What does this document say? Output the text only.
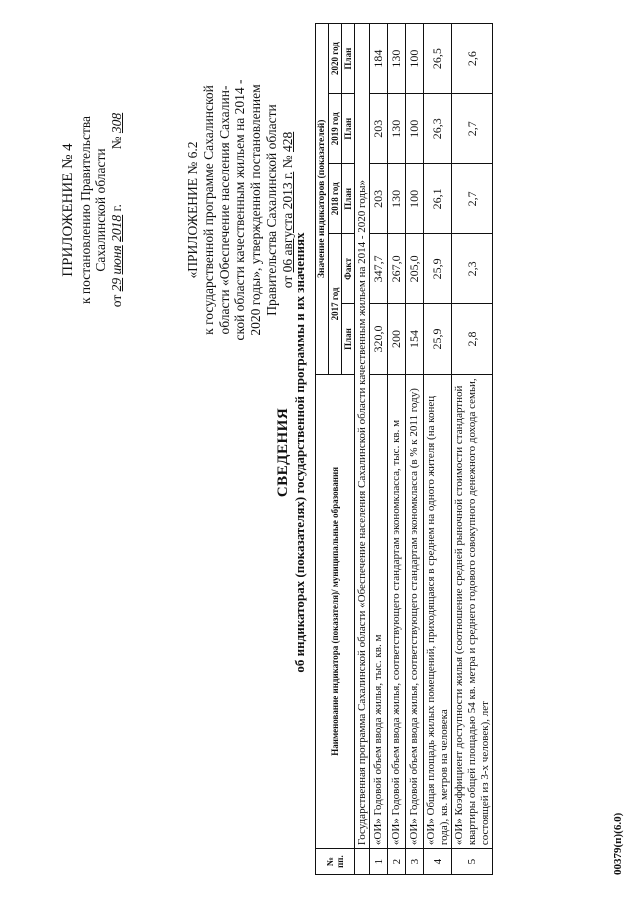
ПРИЛОЖЕНИЕ № 4 к постановлению Правительства Сахалинской области
от 29 июня 2018 г.  № 308
«ПРИЛОЖЕНИЕ № 6.2 к государственной программе Сахалинской области «Обеспечение населения Сахалин- ской области качественным жильем на 2014 - 2020 годы», утвержденной постановлением Правительства Сахалинской области от 06 августа 2013 г. № 428
СВЕДЕНИЯ об индикаторах (показателях) государственной программы и их значениях
№ пп.	Наименование индикатора (показателя)/ муниципальные образования	Значение индикаторов (показателей)				
		2017 год		2018 год	2019 год	2020 год
		План	Факт	План	План	План
	Государственная программа Сахалинской области «Обеспечение населения Сахалинской области качественным жильем на 2014 - 2020 годы»					
1	«ОИ» Годовой объем ввода жилья, тыс. кв. м	320,0	347,7	203	203	184
2	«ОИ» Годовой объем ввода жилья, соответствующего стандартам экономкласса, тыс. кв. м	200	267,0	130	130	130
3	«ОИ» Годовой объем ввода жилья, соответствующего стандартам экономкласса (в % к 2011 году)	154	205,0	100	100	100
4	«ОИ» Общая площадь жилых помещений, приходящаяся в среднем на одного жителя (на конец года), кв. метров на человека	25,9	25,9	26,1	26,3	26,5
5	«ОИ» Коэффициент доступности жилья (соотношение средней рыночной стоимости стандартной квартиры общей площадью 54 кв. метра и среднего годового совокупного денежного дохода семьи, состоящей из 3-х человек), лет	2,8	2,3	2,7	2,7	2,6
00379(п)(6.0)
